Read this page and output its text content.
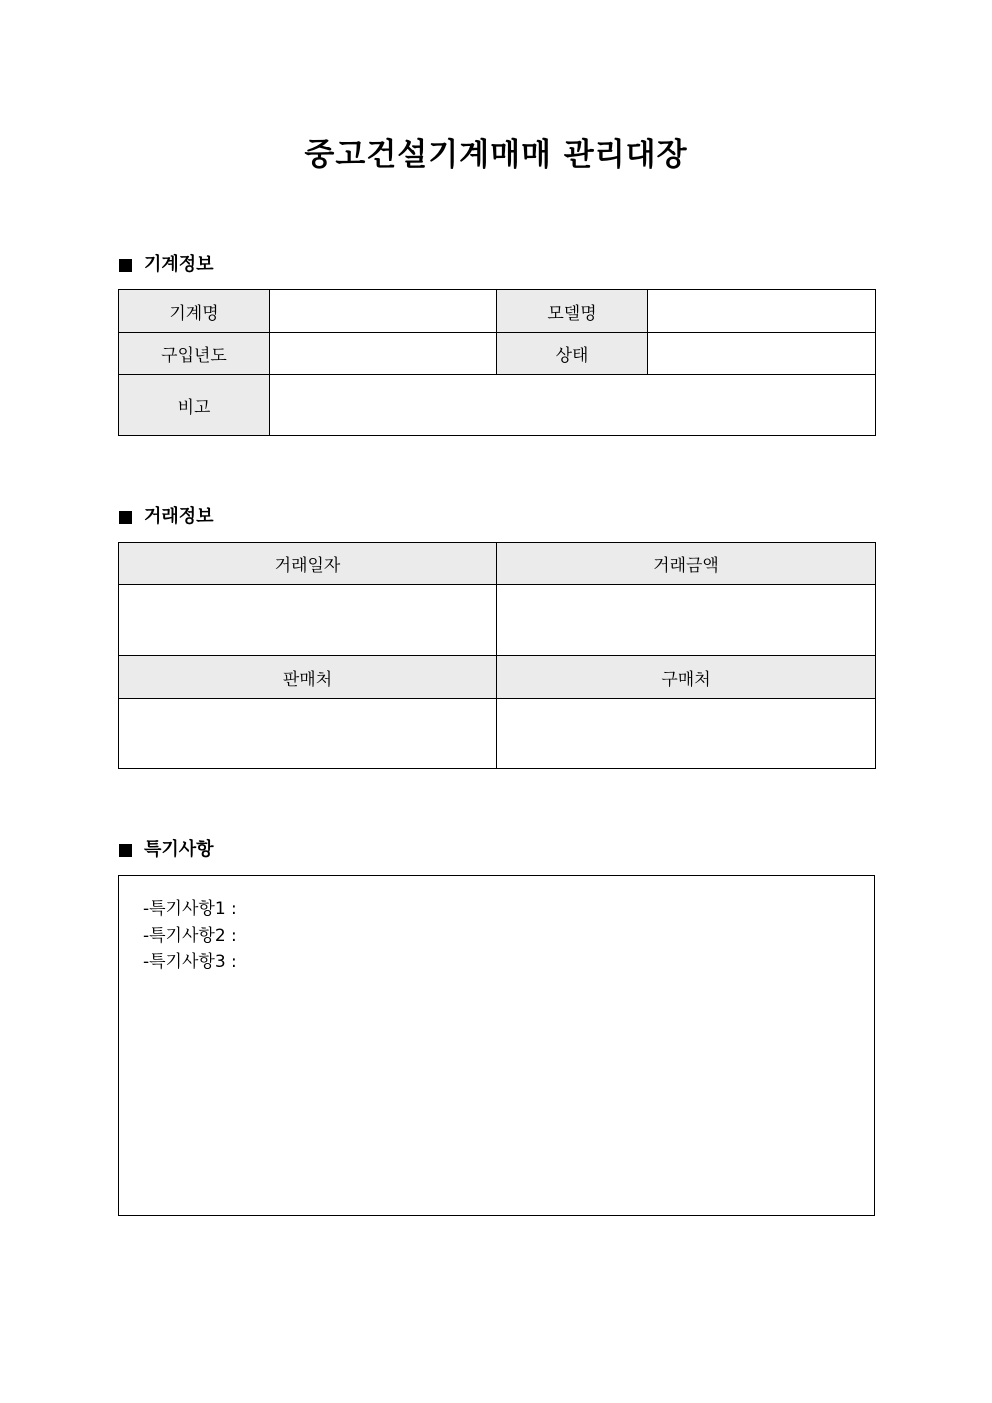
중고건설기계매매 관리대장
기계정보
기계명		모델명	
구입년도		상태	
비고			
거래정보
거래일자	거래금액

판매처	구매처

특기사항
-특기사항1 :
-특기사항2 :
-특기사항3 :
